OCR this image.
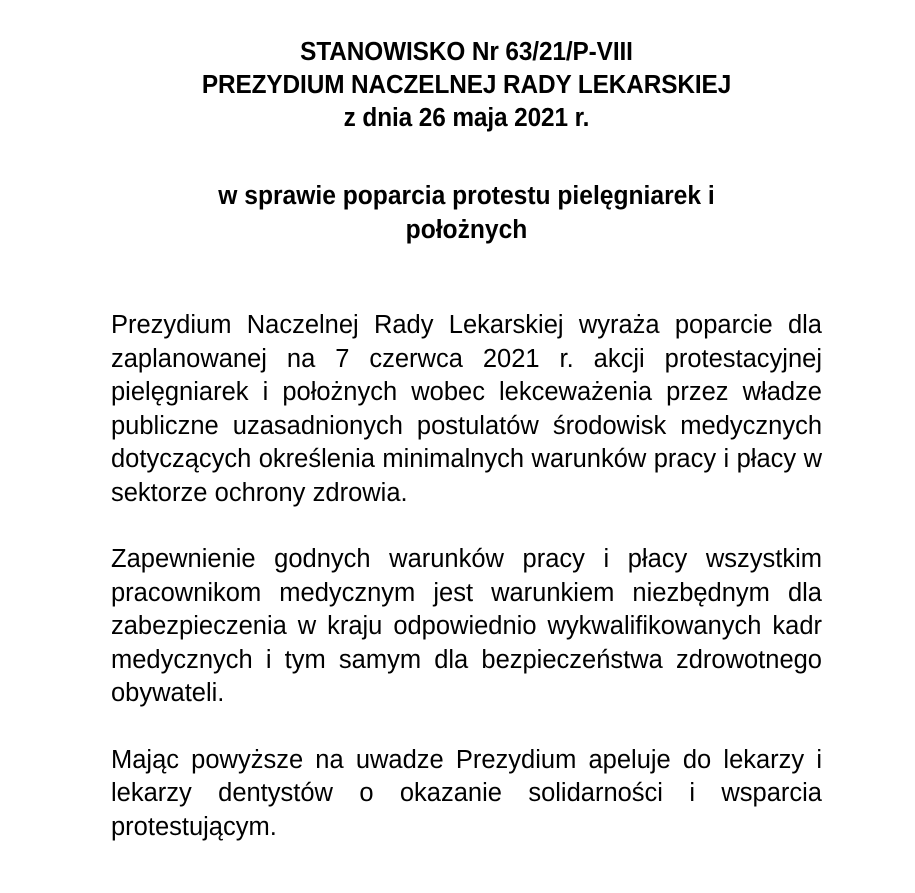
STANOWISKO Nr 63/21/P-VIII
PREZYDIUM NACZELNEJ RADY LEKARSKIEJ
z dnia 26 maja 2021 r.
w sprawie poparcia protestu pielęgniarek i położnych

Prezydium Naczelnej Rady Lekarskiej wyraża poparcie dla zaplanowanej na 7 czerwca 2021 r. akcji protestacyjnej pielęgniarek i położnych wobec lekceważenia przez władze publiczne uzasadnionych postulatów środowisk medycznych dotyczących określenia minimalnych warunków pracy i płacy w sektorze ochrony zdrowia.

Zapewnienie godnych warunków pracy i płacy wszystkim pracownikom medycznym jest warunkiem niezbędnym dla zabezpieczenia w kraju odpowiednio wykwalifikowanych kadr medycznych i tym samym dla bezpieczeństwa zdrowotnego obywateli.

Mając powyższe na uwadze Prezydium apeluje do lekarzy i lekarzy dentystów o okazanie solidarności i wsparcia protestującym.
